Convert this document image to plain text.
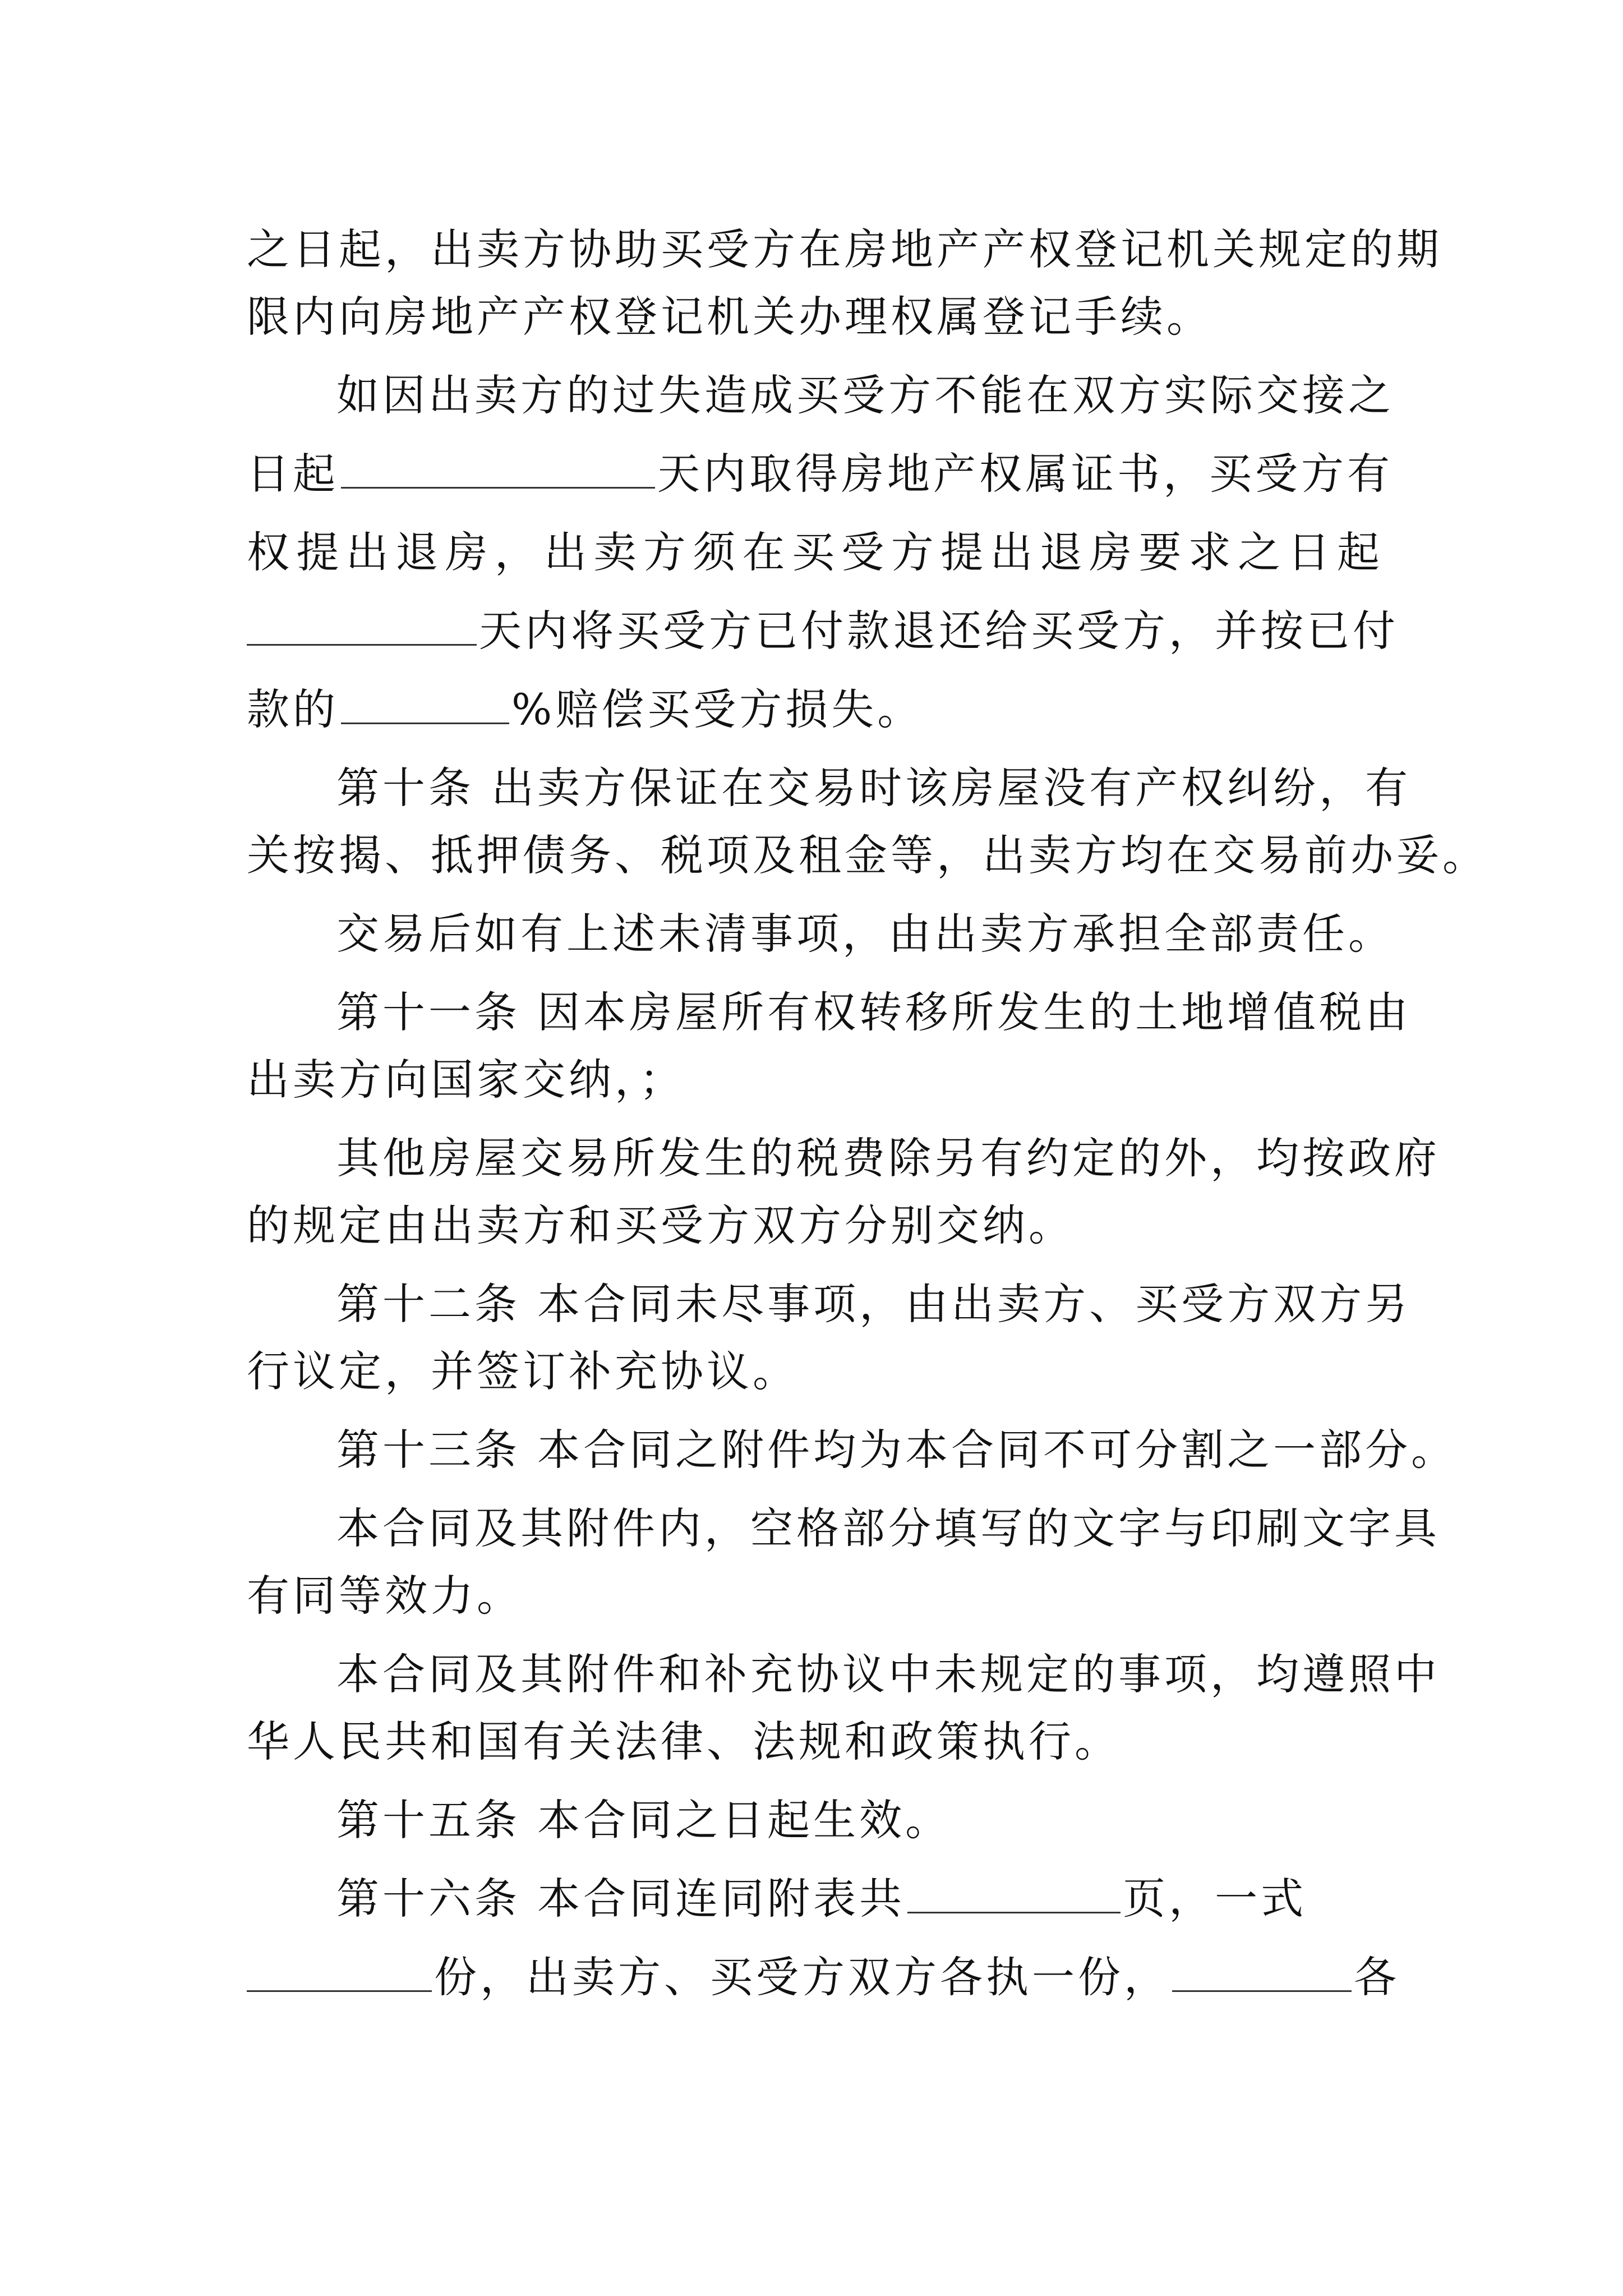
之日起，出卖方协助买受方在房地产产权登记机关规定的期
限内向房地产产权登记机关办理权属登记手续。
如因出卖方的过失造成买受方不能在双方实际交接之
日起	天内取得房地产权属证书，买受方有
权提出退房，出卖方须在买受方提出退房要求之日起
天内将买受方已付款退还给买受方，并按已付
款的	%赔偿买受方损失。
第十条 出卖方保证在交易时该房屋没有产权纠纷，有
关按揭、抵押债务、税项及租金等，出卖方均在交易前办妥。
交易后如有上述未清事项，由出卖方承担全部责任。
第十一条 因本房屋所有权转移所发生的土地增值税由
出卖方向国家交纳，；
其他房屋交易所发生的税费除另有约定的外，均按政府
的规定由出卖方和买受方双方分别交纳。
第十二条 本合同未尽事项，由出卖方、买受方双方另
行议定，并签订补充协议。
第十三条 本合同之附件均为本合同不可分割之一部分。
本合同及其附件内，空格部分填写的文字与印刷文字具
有同等效力。
本合同及其附件和补充协议中未规定的事项，均遵照中
华人民共和国有关法律、法规和政策执行。
第十五条 本合同之日起生效。
第十六条 本合同连同附表共	页，一式
份，出卖方、买受方双方各执一份，	各
